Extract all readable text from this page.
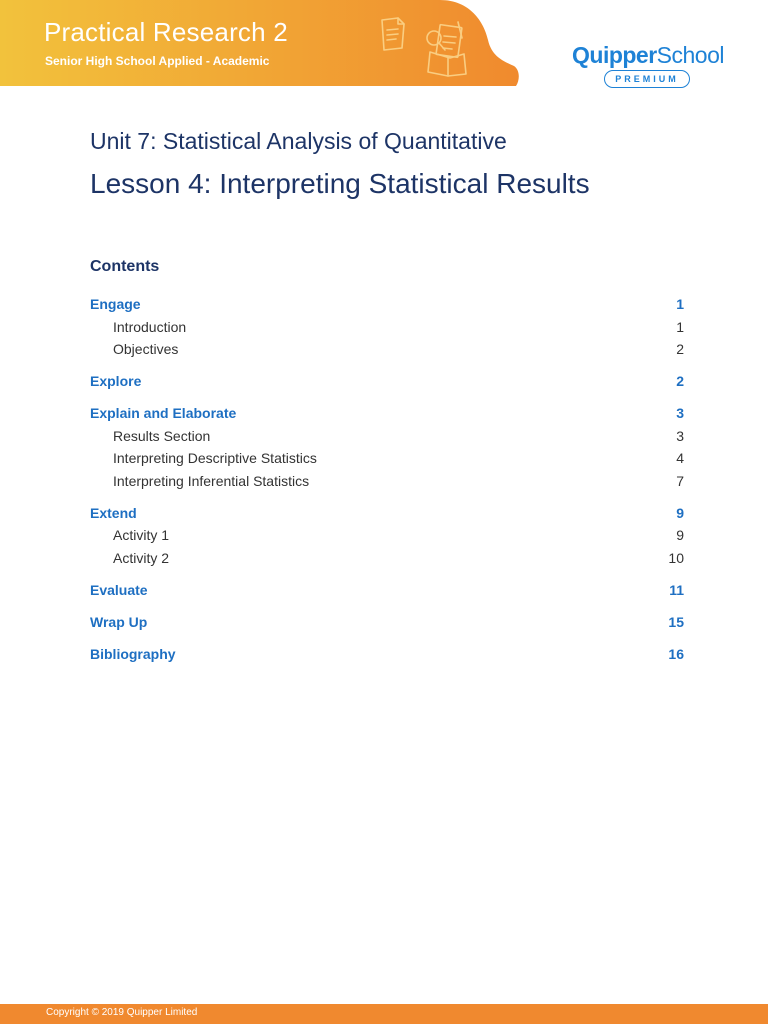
Practical Research 2
Senior High School Applied - Academic	QuipperSchool
PREMIUM
Unit 7: Statistical Analysis of Quantitative
Lesson 4: Interpreting Statistical Results
Contents
Engage	1
Introduction	1
Objectives	2
Explore	2
Explain and Elaborate	3
Results Section	3
Interpreting Descriptive Statistics	4
Interpreting Inferential Statistics	7
Extend	9
Activity 1	9
Activity 2	10
Evaluate	11
Wrap Up	15
Bibliography	16
Copyright © 2019 Quipper Limited
